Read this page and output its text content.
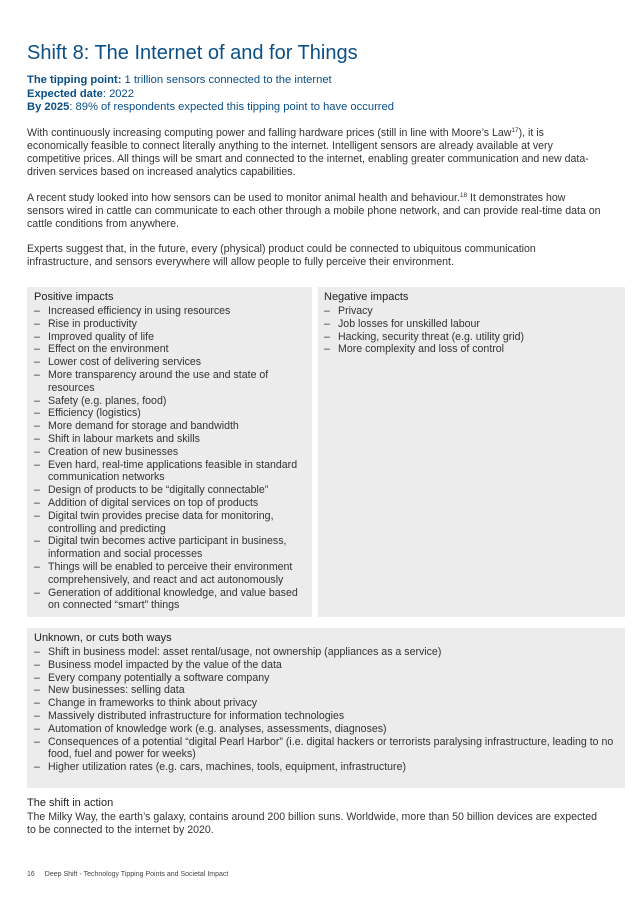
Shift 8: The Internet of and for Things
The tipping point: 1 trillion sensors connected to the internet
Expected date: 2022
By 2025: 89% of respondents expected this tipping point to have occurred

With continuously increasing computing power and falling hardware prices (still in line with Moore’s Law$^{17}$), it is economically feasible to connect literally anything to the internet. Intelligent sensors are already available at very competitive prices. All things will be smart and connected to the internet, enabling greater communication and new data-driven services based on increased analytics capabilities.

A recent study looked into how sensors can be used to monitor animal health and behaviour.$^{18}$ It demonstrates how sensors wired in cattle can communicate to each other through a mobile phone network, and can provide real-time data on cattle conditions from anywhere.

Experts suggest that, in the future, every (physical) product could be connected to ubiquitous communication infrastructure, and sensors everywhere will allow people to fully perceive their environment.

Positive impacts
– Increased efficiency in using resources
– Rise in productivity
– Improved quality of life
– Effect on the environment
– Lower cost of delivering services
– More transparency around the use and state of resources
– Safety (e.g. planes, food)
– Efficiency (logistics)
– More demand for storage and bandwidth
– Shift in labour markets and skills
– Creation of new businesses
– Even hard, real-time applications feasible in standard communication networks
– Design of products to be “digitally connectable”
– Addition of digital services on top of products
– Digital twin provides precise data for monitoring, controlling and predicting
– Digital twin becomes active participant in business, information and social processes
– Things will be enabled to perceive their environment comprehensively, and react and act autonomously
– Generation of additional knowledge, and value based on connected “smart” things
Negative impacts
– Privacy
– Job losses for unskilled labour
– Hacking, security threat (e.g. utility grid)
– More complexity and loss of control
Unknown, or cuts both ways
– Shift in business model: asset rental/usage, not ownership (appliances as a service)
– Business model impacted by the value of the data
– Every company potentially a software company
– New businesses: selling data
– Change in frameworks to think about privacy
– Massively distributed infrastructure for information technologies
– Automation of knowledge work (e.g. analyses, assessments, diagnoses)
– Consequences of a potential “digital Pearl Harbor” (i.e. digital hackers or terrorists paralysing infrastructure, leading to no food, fuel and power for weeks)
– Higher utilization rates (e.g. cars, machines, tools, equipment, infrastructure)
The shift in action

The Milky Way, the earth’s galaxy, contains around 200 billion suns. Worldwide, more than 50 billion devices are expected to be connected to the internet by 2020.

16 Deep Shift - Technology Tipping Points and Societal Impact
